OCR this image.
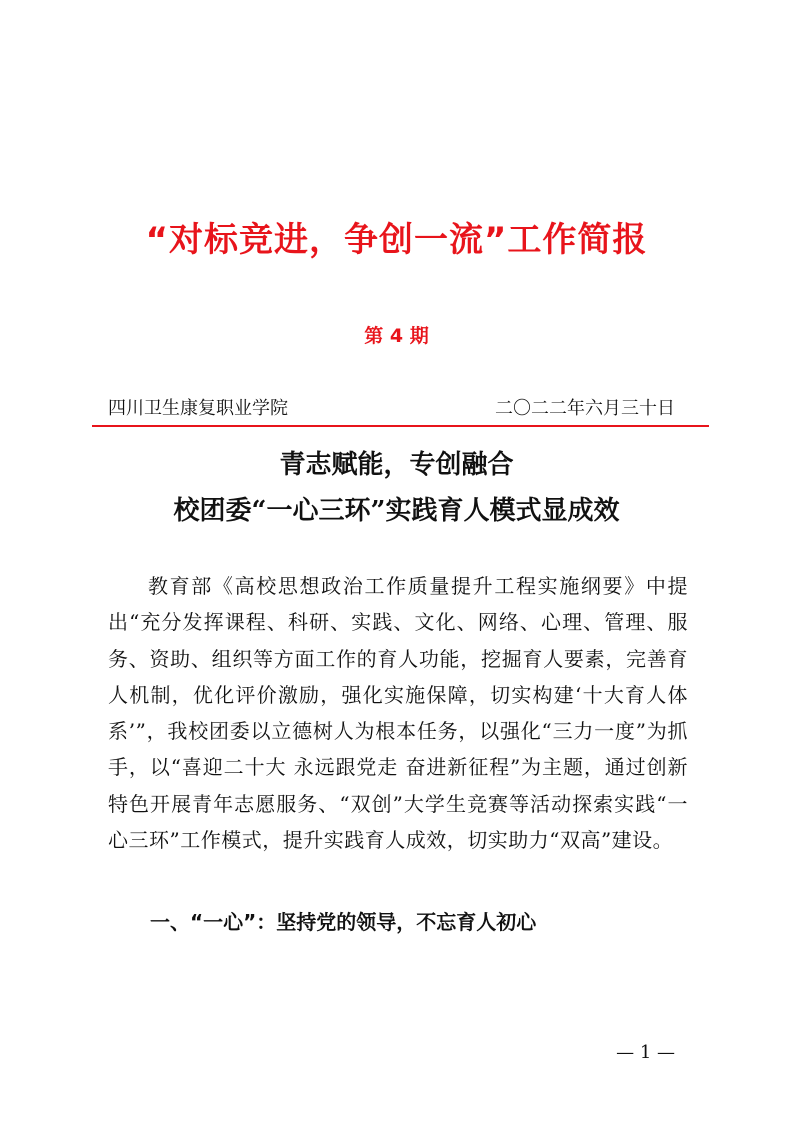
“对标竞进，争创一流”工作简报
第 4 期
四川卫生康复职业学院	二〇二二年六月三十日
青志赋能，专创融合
校团委“一心三环”实践育人模式显成效

教育部《高校思想政治工作质量提升工程实施纲要》中提出“充分发挥课程、科研、实践、文化、网络、心理、管理、服务、资助、组织等方面工作的育人功能，挖掘育人要素，完善育人机制，优化评价激励，强化实施保障，切实构建‘十大育人体系’”，我校团委以立德树人为根本任务，以强化“三力一度”为抓手，以“喜迎二十大 永远跟党走 奋进新征程”为主题，通过创新特色开展青年志愿服务、“双创”大学生竞赛等活动探索实践“一心三环”工作模式，提升实践育人成效，切实助力“双高”建设。

一、“一心”：坚持党的领导，不忘育人初心
— 1 —
